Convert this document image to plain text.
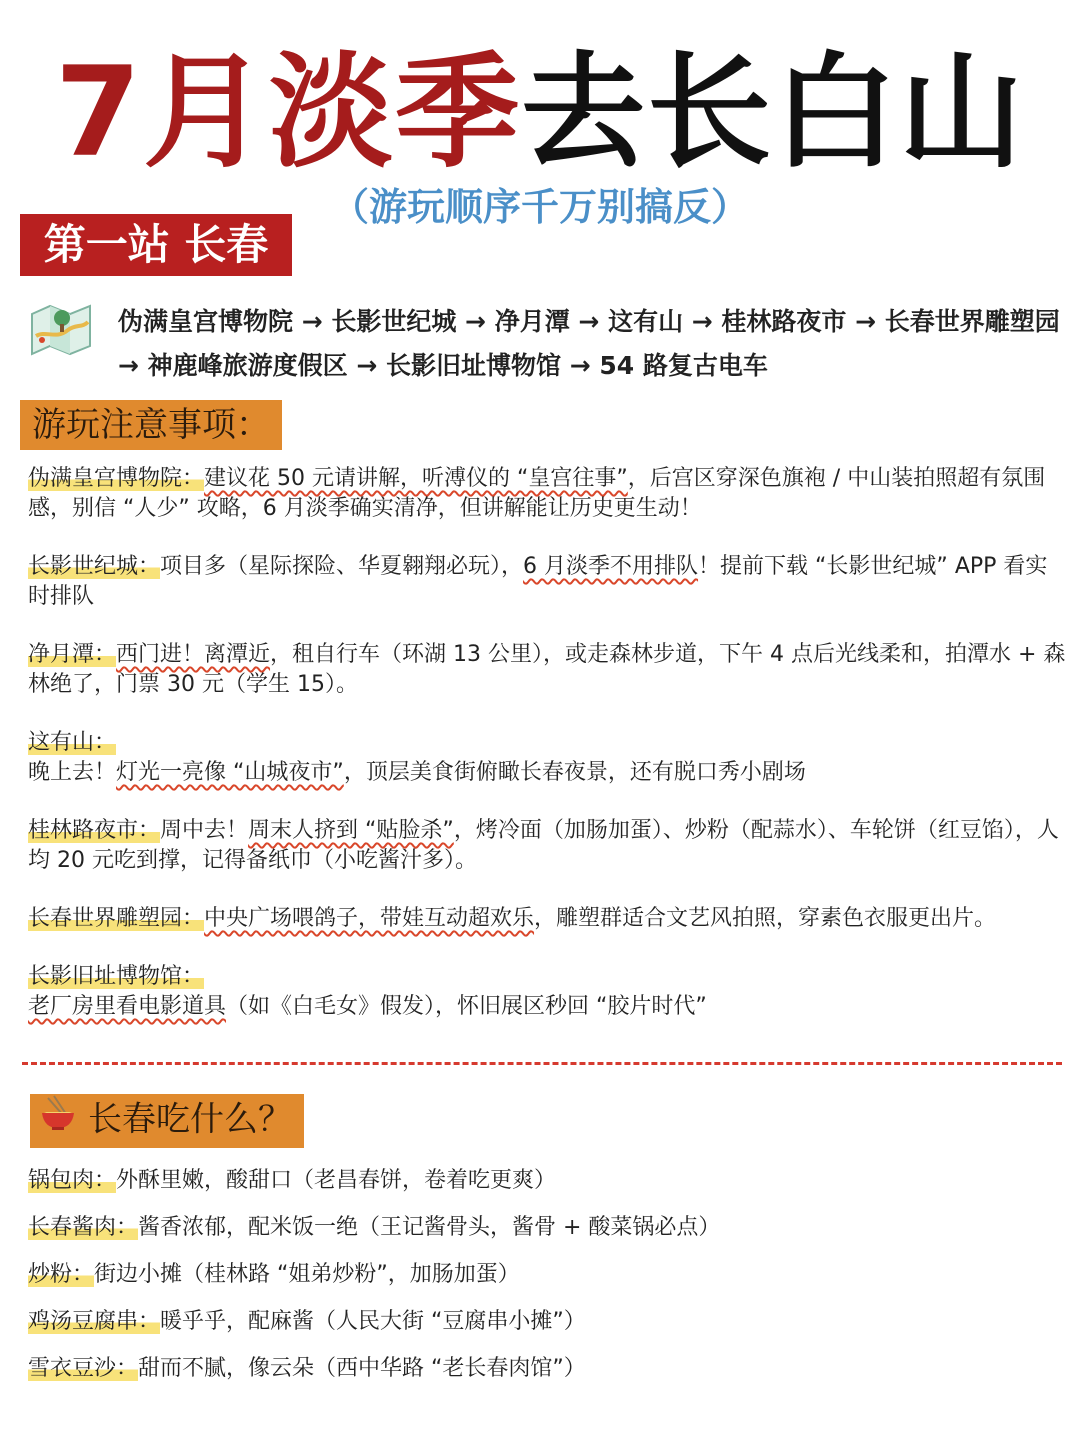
7月淡季去长白山
（游玩顺序千万别搞反）
第一站 长春
伪满皇宫博物院 → 长影世纪城 → 净月潭 → 这有山 → 桂林路夜市 → 长春世界雕塑园 → 神鹿峰旅游度假区 → 长影旧址博物馆 → 54 路复古电车
游玩注意事项：
伪满皇宫博物院：建议花 50 元请讲解，听溥仪的 “皇宫往事”，后宫区穿深色旗袍 / 中山装拍照超有氛围感，别信 “人少” 攻略，6 月淡季确实清净，但讲解能让历史更生动！
长影世纪城：项目多（星际探险、华夏翱翔必玩），6 月淡季不用排队！提前下载 “长影世纪城” APP 看实时排队
净月潭：西门进！离潭近，租自行车（环湖 13 公里），或走森林步道，下午 4 点后光线柔和，拍潭水 + 森林绝了，门票 30 元（学生 15）。
这有山：
晚上去！灯光一亮像 “山城夜市”，顶层美食街俯瞰长春夜景，还有脱口秀小剧场
桂林路夜市：周中去！周末人挤到 “贴脸杀”，烤冷面（加肠加蛋）、炒粉（配蒜水）、车轮饼（红豆馅），人均 20 元吃到撑，记得备纸巾（小吃酱汁多）。
长春世界雕塑园：中央广场喂鸽子，带娃互动超欢乐，雕塑群适合文艺风拍照，穿素色衣服更出片。
长影旧址博物馆：
老厂房里看电影道具（如《白毛女》假发），怀旧展区秒回 “胶片时代”
长春吃什么？
锅包肉：外酥里嫩，酸甜口（老昌春饼，卷着吃更爽）
长春酱肉：酱香浓郁，配米饭一绝（王记酱骨头，酱骨 + 酸菜锅必点）
炒粉：街边小摊（桂林路 “姐弟炒粉”，加肠加蛋）
鸡汤豆腐串：暖乎乎，配麻酱（人民大街 “豆腐串小摊”）
雪衣豆沙：甜而不腻，像云朵（西中华路 “老长春肉馆”）
